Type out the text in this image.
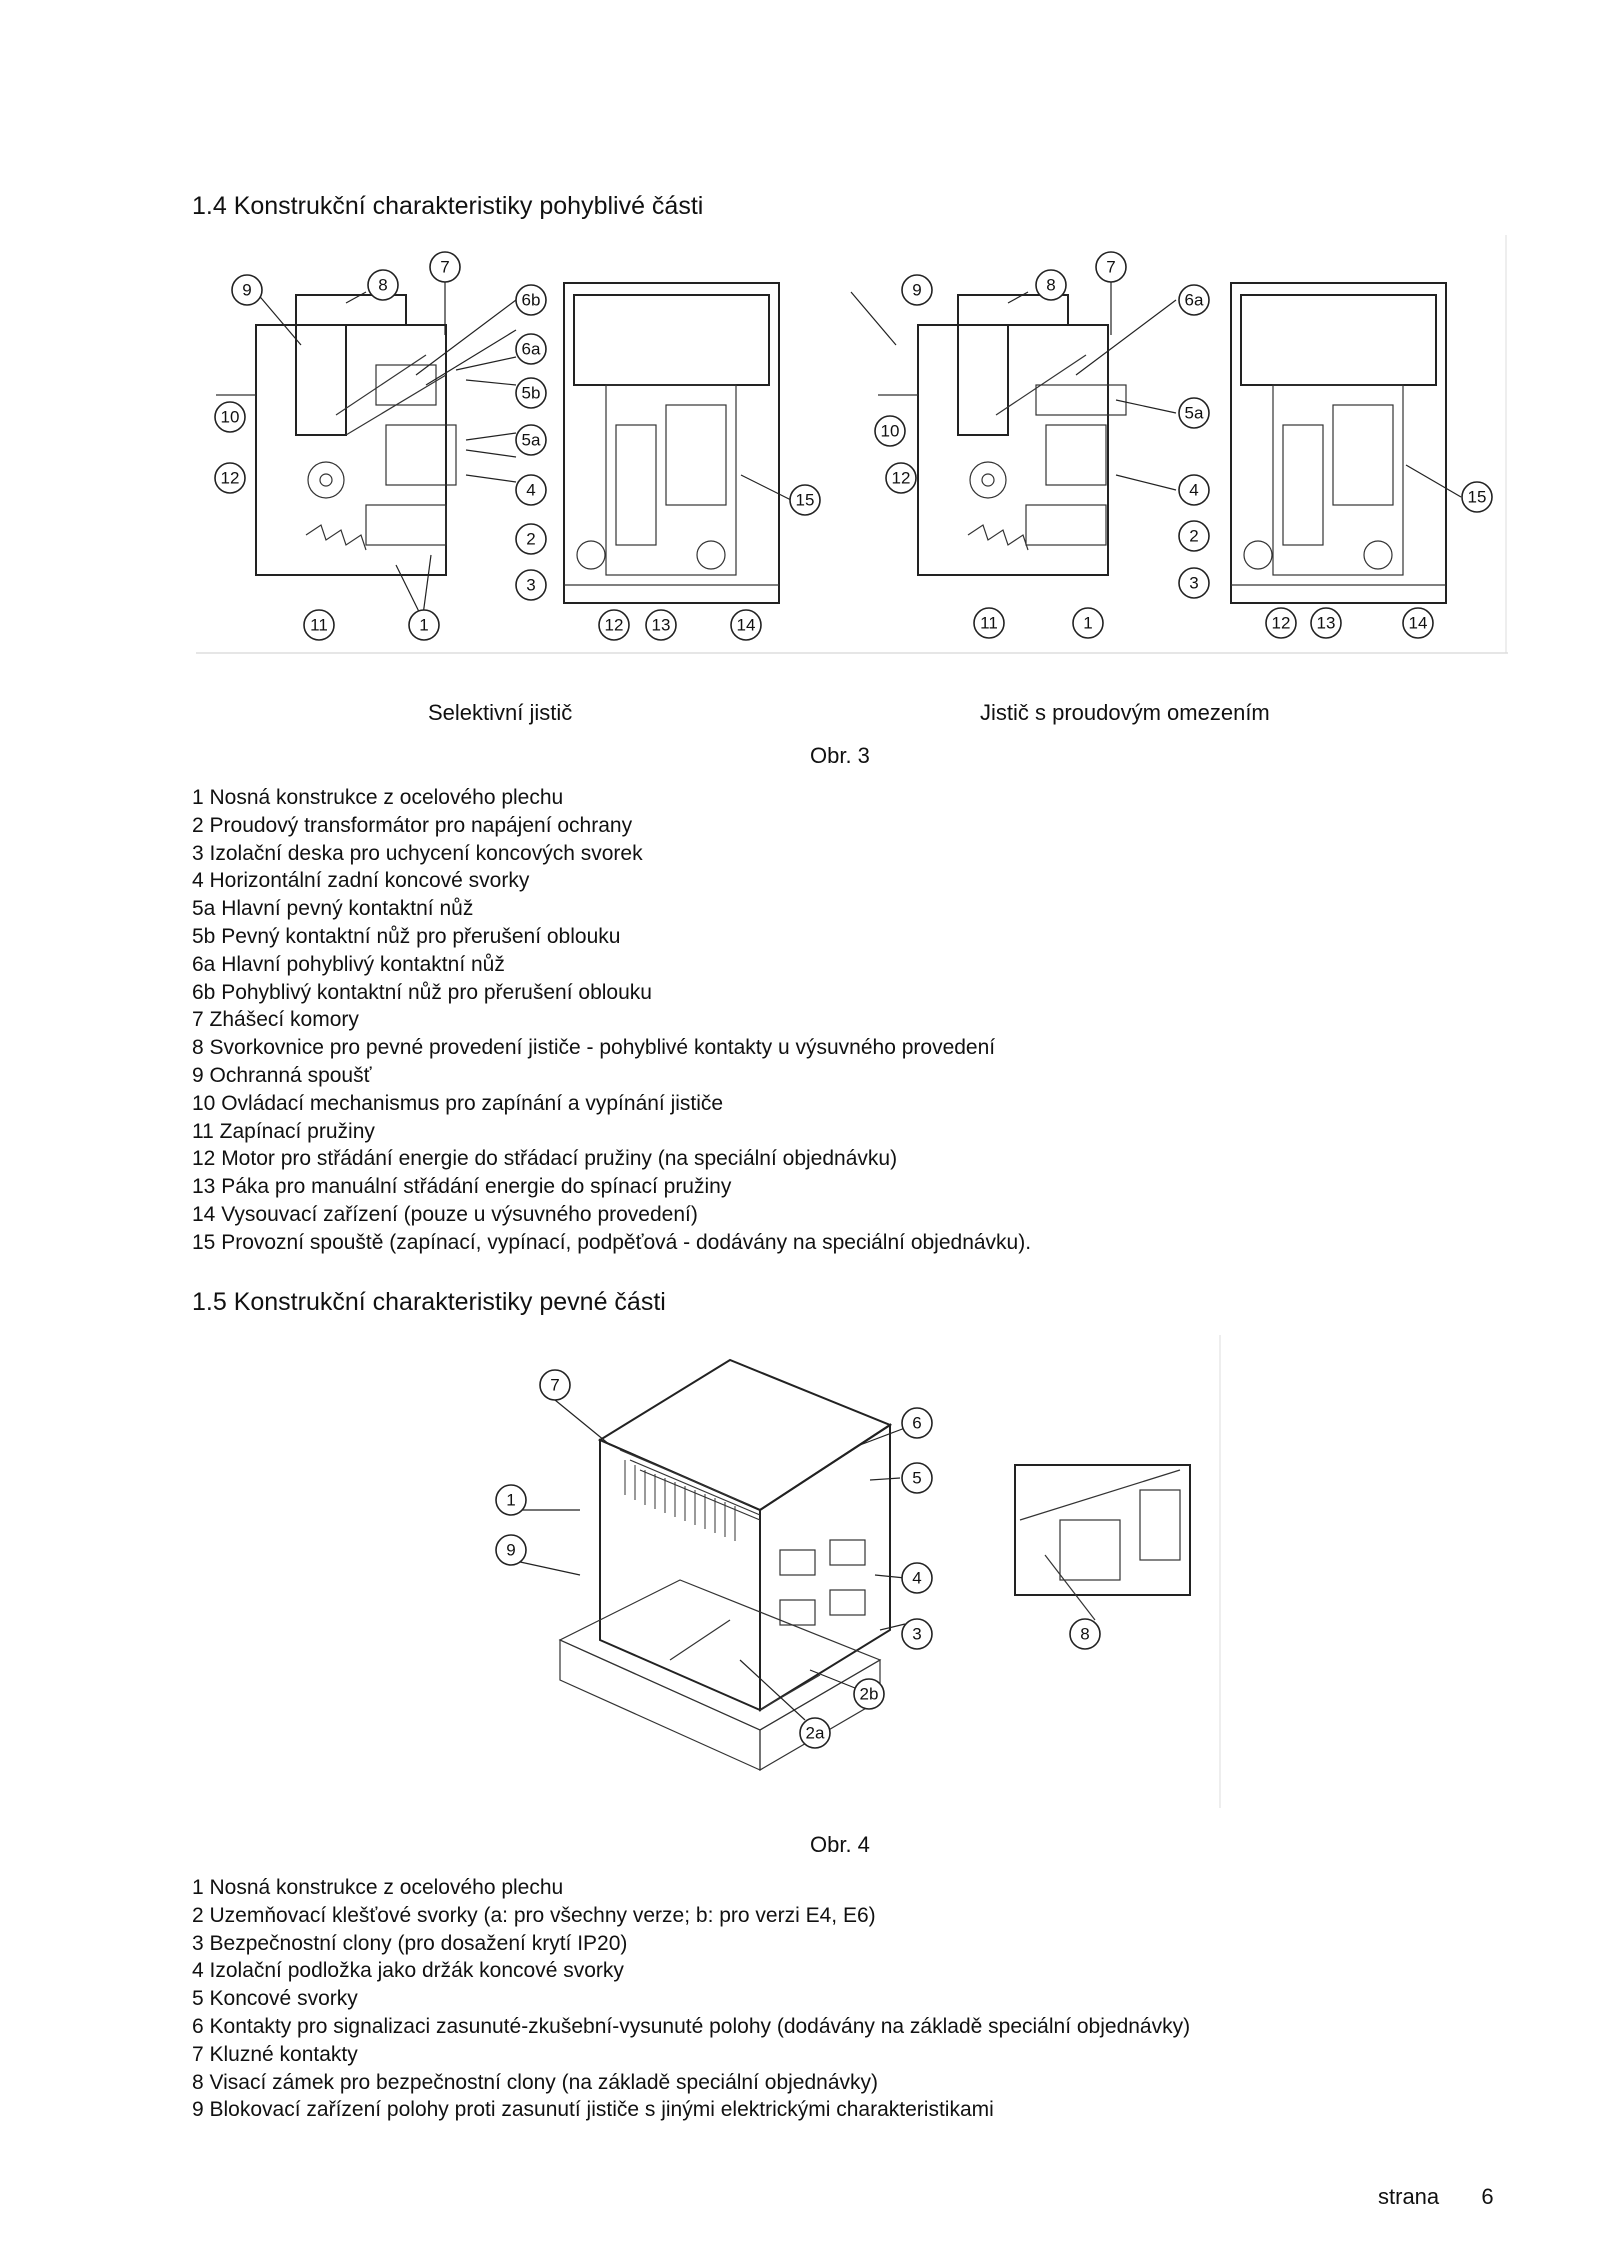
1.4 Konstrukční charakteristiky pohyblivé části
9	8
7
6b
6a
5b
5a
10
12
4
2
3
15
11	1	12 13	14
9	8
7
6a
5a
10
12
4
2
3
15
11	1	12 13	14
Selektivní jistič	Jistič s proudovým omezením
Obr. 3
1 Nosná konstrukce z ocelového plechu
2 Proudový transformátor pro napájení ochrany
3 Izolační deska pro uchycení koncových svorek
4 Horizontální zadní koncové svorky
5a Hlavní pevný kontaktní nůž
5b Pevný kontaktní nůž pro přerušení oblouku
6a Hlavní pohyblivý kontaktní nůž
6b Pohyblivý kontaktní nůž pro přerušení oblouku
7 Zhášecí komory
8 Svorkovnice pro pevné provedení jističe - pohyblivé kontakty u výsuvného provedení
9 Ochranná spoušť
10 Ovládací mechanismus pro zapínání a vypínání jističe
11 Zapínací pružiny
12 Motor pro střádání energie do střádací pružiny (na speciální objednávku)
13 Páka pro manuální střádání energie do spínací pružiny
14 Vysouvací zařízení (pouze u výsuvného provedení)
15 Provozní spouště (zapínací, vypínací, podpěťová - dodávány na speciální objednávku).
1.5 Konstrukční charakteristiky pevné části
7
1
9
6
5
4
3
2b
2a
8
Obr. 4
1 Nosná konstrukce z ocelového plechu
2 Uzemňovací klešťové svorky (a: pro všechny verze; b: pro verzi E4, E6)
3 Bezpečnostní clony (pro dosažení krytí IP20)
4 Izolační podložka jako držák koncové svorky
5 Koncové svorky
6 Kontakty pro signalizaci zasunuté-zkušební-vysunuté polohy (dodávány na základě speciální objednávky)
7 Kluzné kontakty
8 Visací zámek pro bezpečnostní clony (na základě speciální objednávky)
9 Blokovací zařízení polohy proti zasunutí jističe s jinými elektrickými charakteristikami
strana 6
